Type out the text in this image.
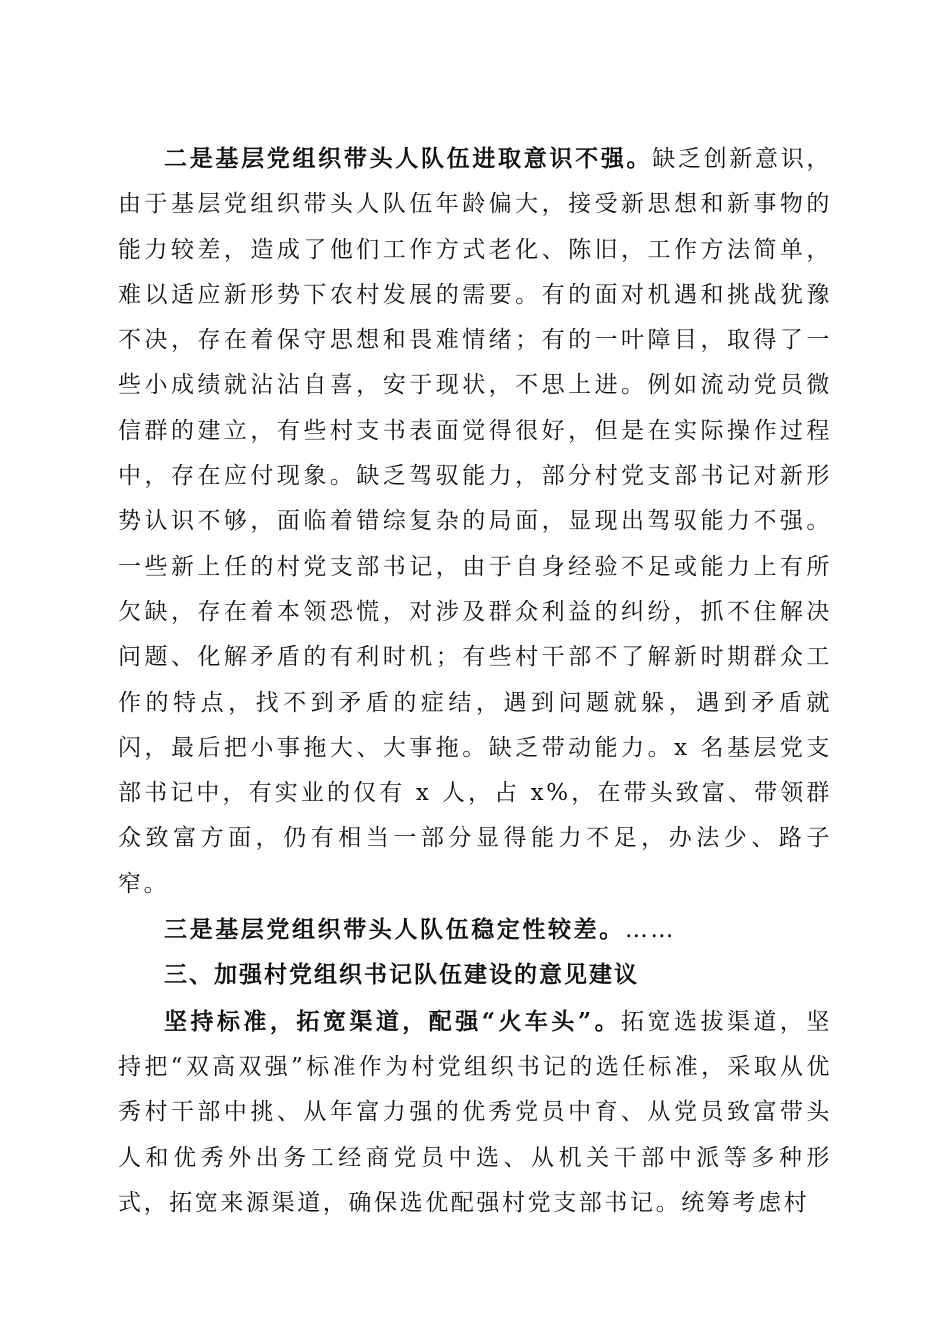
二是基层党组织带头人队伍进取意识不强。缺乏创新意识，由于基层党组织带头人队伍年龄偏大，接受新思想和新事物的能力较差，造成了他们工作方式老化、陈旧，工作方法简单，难以适应新形势下农村发展的需要。有的面对机遇和挑战犹豫不决，存在着保守思想和畏难情绪；有的一叶障目，取得了一些小成绩就沾沾自喜，安于现状，不思上进。例如流动党员微信群的建立，有些村支书表面觉得很好，但是在实际操作过程中，存在应付现象。缺乏驾驭能力，部分村党支部书记对新形势认识不够，面临着错综复杂的局面，显现出驾驭能力不强。一些新上任的村党支部书记，由于自身经验不足或能力上有所欠缺，存在着本领恐慌，对涉及群众利益的纠纷，抓不住解决问题、化解矛盾的有利时机；有些村干部不了解新时期群众工作的特点，找不到矛盾的症结，遇到问题就躲，遇到矛盾就闪，最后把小事拖大、大事拖。缺乏带动能力。x 名基层党支部书记中，有实业的仅有 x 人，占 x%，在带头致富、带领群众致富方面，仍有相当一部分显得能力不足，办法少、路子窄。

三是基层党组织带头人队伍稳定性较差。……

三、加强村党组织书记队伍建设的意见建议

坚持标准，拓宽渠道，配强“火车头”。拓宽选拔渠道，坚持把“双高双强”标准作为村党组织书记的选任标准，采取从优秀村干部中挑、从年富力强的优秀党员中育、从党员致富带头人和优秀外出务工经商党员中选、从机关干部中派等多种形式，拓宽来源渠道，确保选优配强村党支部书记。统筹考虑村
